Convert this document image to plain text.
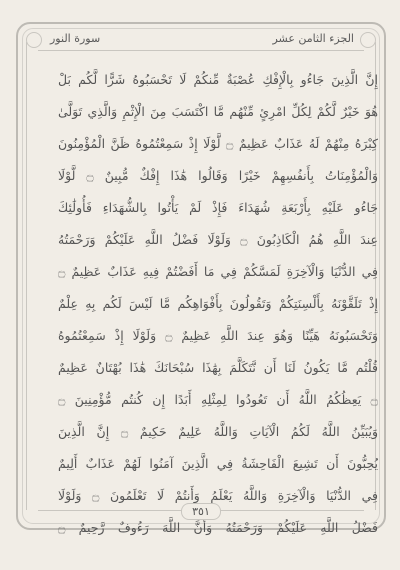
الجزء الثامن عشر
سورة النور
إِنَّ الَّذِينَ جَاءُو بِالْإِفْكِ عُصْبَةٌ مِّنكُمْ لَا تَحْسَبُوهُ شَرًّا لَّكُم بَلْ
هُوَ خَيْرٌ لَّكُمْ لِكُلِّ امْرِئٍ مِّنْهُم مَّا اكْتَسَبَ مِنَ الْإِثْمِ وَالَّذِي تَوَلَّىٰ
كِبْرَهُ مِنْهُمْ لَهُ عَذَابٌ عَظِيمٌ ۝ لَّوْلَا إِذْ سَمِعْتُمُوهُ ظَنَّ الْمُؤْمِنُونَ
وَالْمُؤْمِنَاتُ بِأَنفُسِهِمْ خَيْرًا وَقَالُوا هَٰذَا إِفْكٌ مُّبِينٌ ۝ لَّوْلَا
جَاءُو عَلَيْهِ بِأَرْبَعَةِ شُهَدَاءَ فَإِذْ لَمْ يَأْتُوا بِالشُّهَدَاءِ فَأُولَٰئِكَ
عِندَ اللَّهِ هُمُ الْكَاذِبُونَ ۝ وَلَوْلَا فَضْلُ اللَّهِ عَلَيْكُمْ وَرَحْمَتُهُ
فِي الدُّنْيَا وَالْآخِرَةِ لَمَسَّكُمْ فِي مَا أَفَضْتُمْ فِيهِ عَذَابٌ عَظِيمٌ ۝
إِذْ تَلَقَّوْنَهُ بِأَلْسِنَتِكُمْ وَتَقُولُونَ بِأَفْوَاهِكُم مَّا لَيْسَ لَكُم بِهِ عِلْمٌ
وَتَحْسَبُونَهُ هَيِّنًا وَهُوَ عِندَ اللَّهِ عَظِيمٌ ۝ وَلَوْلَا إِذْ سَمِعْتُمُوهُ
قُلْتُم مَّا يَكُونُ لَنَا أَن نَّتَكَلَّمَ بِهَٰذَا سُبْحَانَكَ هَٰذَا بُهْتَانٌ عَظِيمٌ
۝ يَعِظُكُمُ اللَّهُ أَن تَعُودُوا لِمِثْلِهِ أَبَدًا إِن كُنتُم مُّؤْمِنِينَ ۝
وَيُبَيِّنُ اللَّهُ لَكُمُ الْآيَاتِ وَاللَّهُ عَلِيمٌ حَكِيمٌ ۝ إِنَّ الَّذِينَ
يُحِبُّونَ أَن تَشِيعَ الْفَاحِشَةُ فِي الَّذِينَ آمَنُوا لَهُمْ عَذَابٌ أَلِيمٌ
فِي الدُّنْيَا وَالْآخِرَةِ وَاللَّهُ يَعْلَمُ وَأَنتُمْ لَا تَعْلَمُونَ ۝ وَلَوْلَا
فَضْلُ اللَّهِ عَلَيْكُمْ وَرَحْمَتُهُ وَأَنَّ اللَّهَ رَءُوفٌ رَّحِيمٌ ۝
٣٥١
